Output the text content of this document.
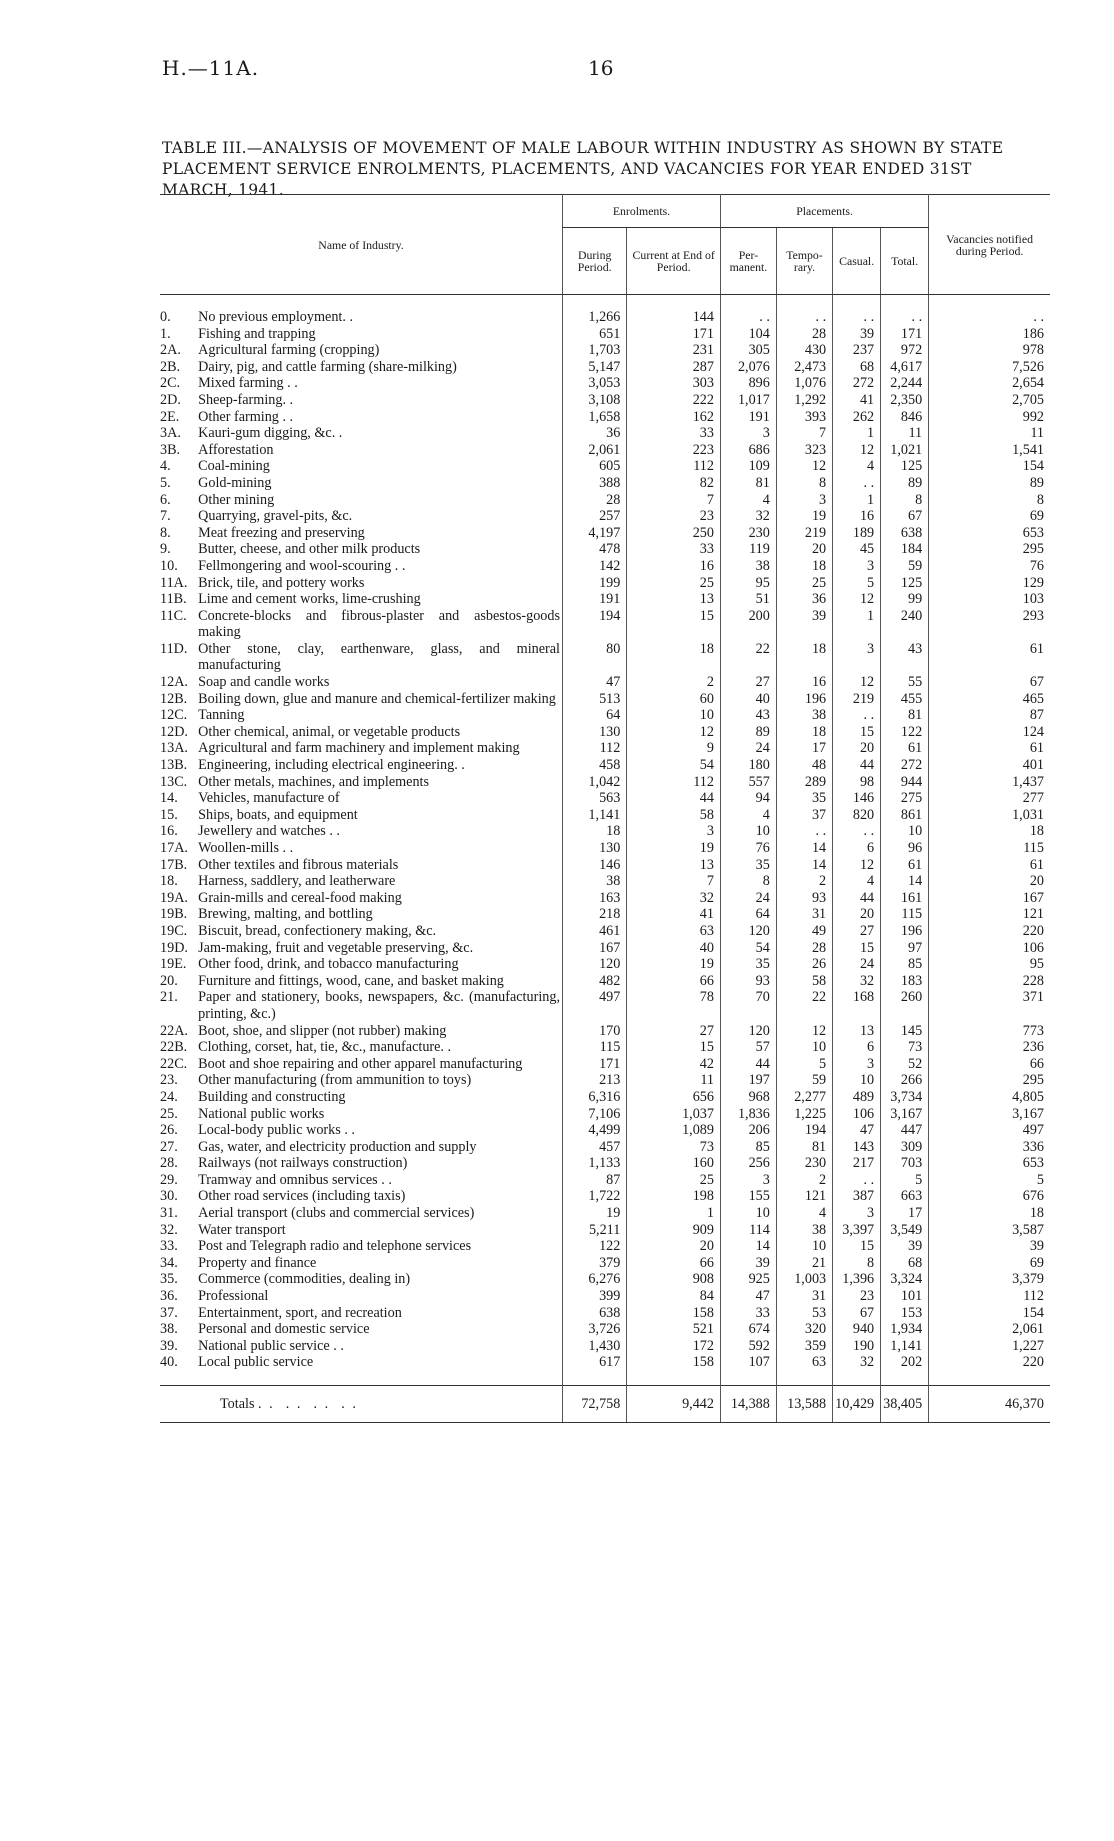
H.—11A.	16
TABLE III.—ANALYSIS OF MOVEMENT OF MALE LABOUR WITHIN INDUSTRY AS SHOWN BY STATE PLACEMENT SERVICE ENROLMENTS, PLACEMENTS, AND VACANCIES FOR YEAR ENDED 31ST MARCH, 1941.
Name of Industry.		Enrolments.		Placements.				Vacancies notified during Period.
		During Period.	Current at End of Period.	Per-manent.	Tempo-rary.	Casual.	Total.	

0.	No previous employment. .	1,266	144	. .	. .	. .	. .	. .
1.	Fishing and trapping	651	171	104	28	39	171	186
2A.	Agricultural farming (cropping)	1,703	231	305	430	237	972	978
2B.	Dairy, pig, and cattle farming (share-milking)	5,147	287	2,076	2,473	68	4,617	7,526
2C.	Mixed farming . .	3,053	303	896	1,076	272	2,244	2,654
2D.	Sheep-farming. .	3,108	222	1,017	1,292	41	2,350	2,705
2E.	Other farming . .	1,658	162	191	393	262	846	992
3A.	Kauri-gum digging, &c. .	36	33	3	7	1	11	11
3B.	Afforestation	2,061	223	686	323	12	1,021	1,541
4.	Coal-mining	605	112	109	12	4	125	154
5.	Gold-mining	388	82	81	8	. .	89	89
6.	Other mining	28	7	4	3	1	8	8
7.	Quarrying, gravel-pits, &c.	257	23	32	19	16	67	69
8.	Meat freezing and preserving	4,197	250	230	219	189	638	653
9.	Butter, cheese, and other milk products	478	33	119	20	45	184	295
10.	Fellmongering and wool-scouring . .	142	16	38	18	3	59	76
11A.	Brick, tile, and pottery works	199	25	95	25	5	125	129
11B.	Lime and cement works, lime-crushing	191	13	51	36	12	99	103
11C.	Concrete-blocks and fibrous-plaster and asbestos-goods making	194	15	200	39	1	240	293
11D.	Other stone, clay, earthenware, glass, and mineral manufacturing	80	18	22	18	3	43	61
12A.	Soap and candle works	47	2	27	16	12	55	67
12B.	Boiling down, glue and manure and chemical-fertilizer making	513	60	40	196	219	455	465
12C.	Tanning	64	10	43	38	. .	81	87
12D.	Other chemical, animal, or vegetable products	130	12	89	18	15	122	124
13A.	Agricultural and farm machinery and implement making	112	9	24	17	20	61	61
13B.	Engineering, including electrical engineering. .	458	54	180	48	44	272	401
13C.	Other metals, machines, and implements	1,042	112	557	289	98	944	1,437
14.	Vehicles, manufacture of	563	44	94	35	146	275	277
15.	Ships, boats, and equipment	1,141	58	4	37	820	861	1,031
16.	Jewellery and watches . .	18	3	10	. .	. .	10	18
17A.	Woollen-mills . .	130	19	76	14	6	96	115
17B.	Other textiles and fibrous materials	146	13	35	14	12	61	61
18.	Harness, saddlery, and leatherware	38	7	8	2	4	14	20
19A.	Grain-mills and cereal-food making	163	32	24	93	44	161	167
19B.	Brewing, malting, and bottling	218	41	64	31	20	115	121
19C.	Biscuit, bread, confectionery making, &c.	461	63	120	49	27	196	220
19D.	Jam-making, fruit and vegetable preserving, &c.	167	40	54	28	15	97	106
19E.	Other food, drink, and tobacco manufacturing	120	19	35	26	24	85	95
20.	Furniture and fittings, wood, cane, and basket making	482	66	93	58	32	183	228
21.	Paper and stationery, books, newspapers, &c. (manufacturing, printing, &c.)	497	78	70	22	168	260	371
22A.	Boot, shoe, and slipper (not rubber) making	170	27	120	12	13	145	773
22B.	Clothing, corset, hat, tie, &c., manufacture. .	115	15	57	10	6	73	236
22C.	Boot and shoe repairing and other apparel manufacturing	171	42	44	5	3	52	66
23.	Other manufacturing (from ammunition to toys)	213	11	197	59	10	266	295
24.	Building and constructing	6,316	656	968	2,277	489	3,734	4,805
25.	National public works	7,106	1,037	1,836	1,225	106	3,167	3,167
26.	Local-body public works . .	4,499	1,089	206	194	47	447	497
27.	Gas, water, and electricity production and supply	457	73	85	81	143	309	336
28.	Railways (not railways construction)	1,133	160	256	230	217	703	653
29.	Tramway and omnibus services . .	87	25	3	2	. .	5	5
30.	Other road services (including taxis)	1,722	198	155	121	387	663	676
31.	Aerial transport (clubs and commercial services)	19	1	10	4	3	17	18
32.	Water transport	5,211	909	114	38	3,397	3,549	3,587
33.	Post and Telegraph radio and telephone services	122	20	14	10	15	39	39
34.	Property and finance	379	66	39	21	8	68	69
35.	Commerce (commodities, dealing in)	6,276	908	925	1,003	1,396	3,324	3,379
36.	Professional	399	84	47	31	23	101	112
37.	Entertainment, sport, and recreation	638	158	33	53	67	153	154
38.	Personal and domestic service	3,726	521	674	320	940	1,934	2,061
39.	National public service . .	1,430	172	592	359	190	1,141	1,227
40.	Local public service	617	158	107	63	32	202	220

Totals . .  . .  . .  . .		72,758	9,442	14,388	13,588	10,429	38,405	46,370
